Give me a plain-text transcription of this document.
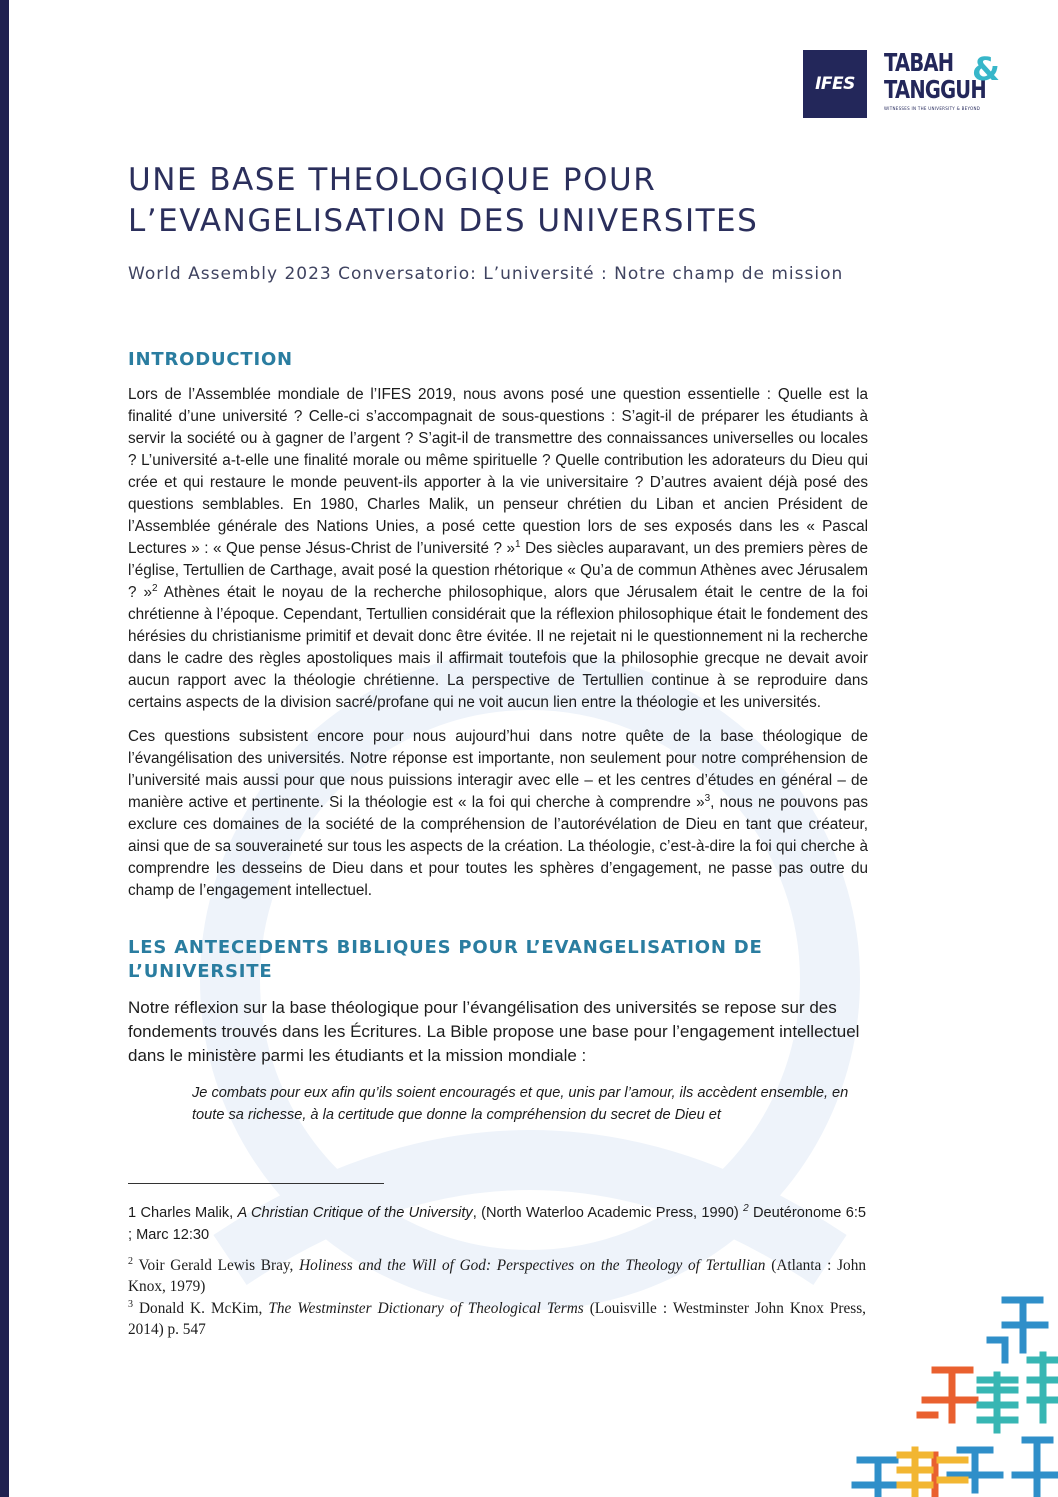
IFES
TABAH
TANGGUH
&
WITNESSES IN THE UNIVERSITY & BEYOND
UNE BASE THEOLOGIQUE POUR
L’EVANGELISATION DES UNIVERSITES

World Assembly 2023 Conversatorio: L’université : Notre champ de mission

INTRODUCTION

Lors de l’Assemblée mondiale de l’IFES 2019, nous avons posé une question essentielle : Quelle est la finalité d’une université ? Celle-ci s’accompagnait de sous-questions : S’agit-il de préparer les étudiants à servir la société ou à gagner de l’argent ? S’agit-il de transmettre des connaissances universelles ou locales ? L’université a-t-elle une finalité morale ou même spirituelle ? Quelle contribution les adorateurs du Dieu qui crée et qui restaure le monde peuvent-ils apporter à la vie universitaire ? D’autres avaient déjà posé des questions semblables. En 1980, Charles Malik, un penseur chrétien du Liban et ancien Président de l’Assemblée générale des Nations Unies, a posé cette question lors de ses exposés dans les « Pascal Lectures » : « Que pense Jésus-Christ de l’université ? »$^1$ Des siècles auparavant, un des premiers pères de l’église, Tertullien de Carthage, avait posé la question rhétorique « Qu’a de commun Athènes avec Jérusalem ? »$^2$ Athènes était le noyau de la recherche philosophique, alors que Jérusalem était le centre de la foi chrétienne à l’époque. Cependant, Tertullien considérait que la réflexion philosophique était le fondement des hérésies du christianisme primitif et devait donc être évitée. Il ne rejetait ni le questionnement ni la recherche dans le cadre des règles apostoliques mais il affirmait toutefois que la philosophie grecque ne devait avoir aucun rapport avec la théologie chrétienne. La perspective de Tertullien continue à se reproduire dans certains aspects de la division sacré/profane qui ne voit aucun lien entre la théologie et les universités.

Ces questions subsistent encore pour nous aujourd’hui dans notre quête de la base théologique de l’évangélisation des universités. Notre réponse est importante, non seulement pour notre compréhension de l’université mais aussi pour que nous puissions interagir avec elle – et les centres d’études en général – de manière active et pertinente. Si la théologie est « la foi qui cherche à comprendre »$^3$, nous ne pouvons pas exclure ces domaines de la société de la compréhension de l’autorévélation de Dieu en tant que créateur, ainsi que de sa souveraineté sur tous les aspects de la création. La théologie, c’est-à-dire la foi qui cherche à comprendre les desseins de Dieu dans et pour toutes les sphères d’engagement, ne passe pas outre du champ de l’engagement intellectuel.

LES ANTECEDENTS BIBLIQUES POUR L’EVANGELISATION DE
L’UNIVERSITE

Notre réflexion sur la base théologique pour l’évangélisation des universités se repose sur des fondements trouvés dans les Écritures. La Bible propose une base pour l’engagement intellectuel dans le ministère parmi les étudiants et la mission mondiale :

Je combats pour eux afin qu’ils soient encouragés et que, unis par l’amour, ils accèdent ensemble, en toute sa richesse, à la certitude que donne la compréhension du secret de Dieu et

1 Charles Malik, A Christian Critique of the University, (North Waterloo Academic Press, 1990) $^2$ Deutéronome 6:5 ; Marc 12:30

$^2$ Voir Gerald Lewis Bray, Holiness and the Will of God: Perspectives on the Theology of Tertullian (Atlanta : John Knox, 1979)

$^3$ Donald K. McKim, The Westminster Dictionary of Theological Terms (Louisville : Westminster John Knox Press, 2014) p. 547
